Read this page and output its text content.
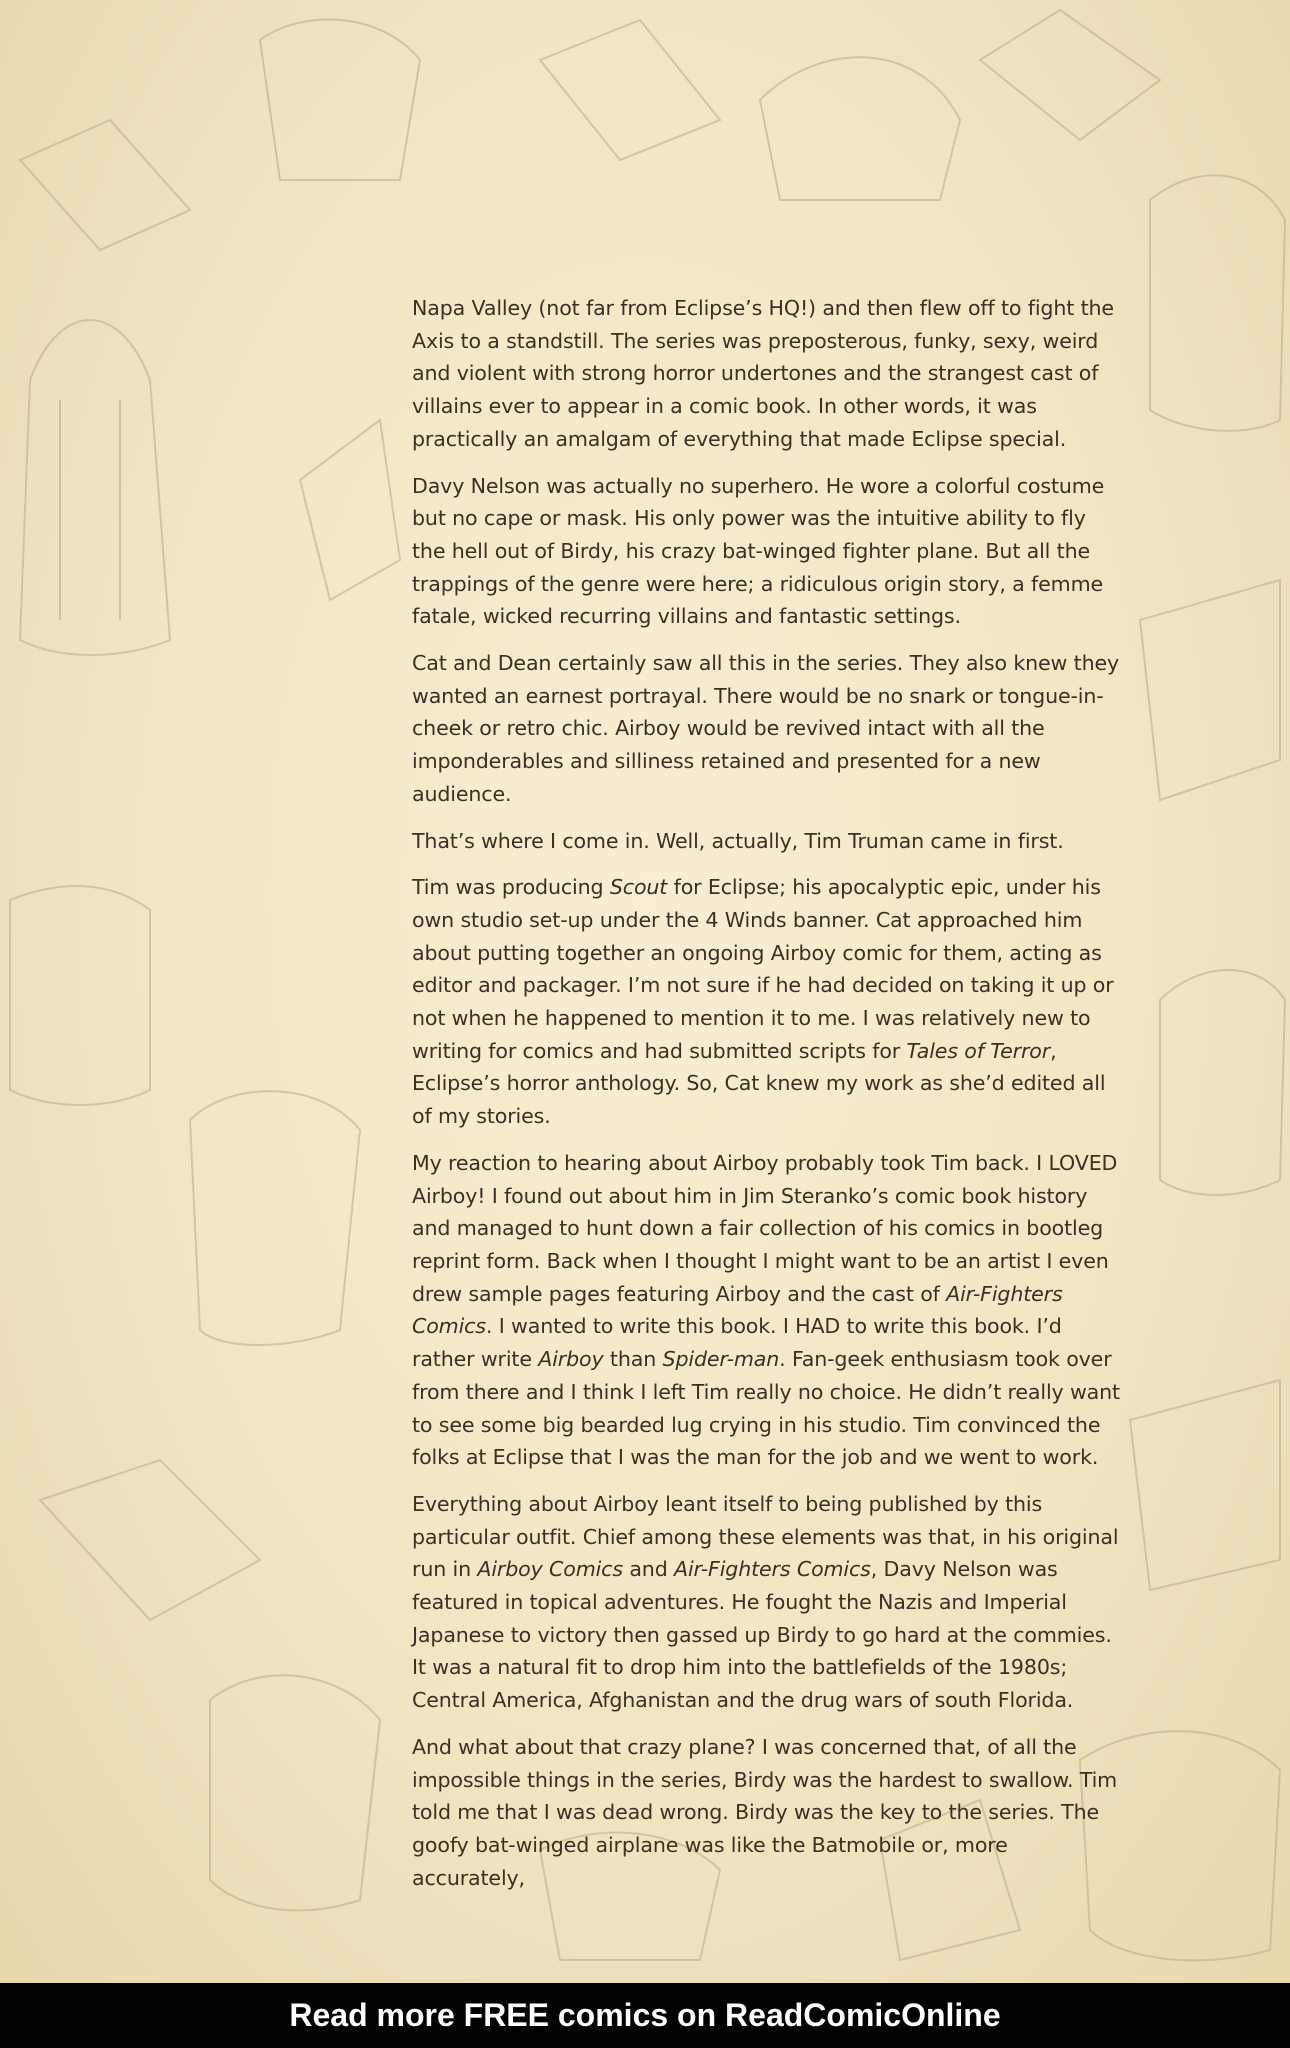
Napa Valley (not far from Eclipse’s HQ!) and then flew off to fight the Axis to a standstill. The series was preposterous, funky, sexy, weird and violent with strong horror undertones and the strangest cast of villains ever to appear in a comic book. In other words, it was practically an amalgam of everything that made Eclipse special.

Davy Nelson was actually no superhero. He wore a colorful costume but no cape or mask. His only power was the intuitive ability to fly the hell out of Birdy, his crazy bat-winged fighter plane. But all the trappings of the genre were here; a ridiculous origin story, a femme fatale, wicked recurring villains and fantastic settings.

Cat and Dean certainly saw all this in the series. They also knew they wanted an earnest portrayal. There would be no snark or tongue-in-cheek or retro chic. Airboy would be revived intact with all the imponderables and silliness retained and presented for a new audience.

That’s where I come in. Well, actually, Tim Truman came in first.

Tim was producing Scout for Eclipse; his apocalyptic epic, under his own studio set-up under the 4 Winds banner. Cat approached him about putting together an ongoing Airboy comic for them, acting as editor and packager. I’m not sure if he had decided on taking it up or not when he happened to mention it to me. I was relatively new to writing for comics and had submitted scripts for Tales of Terror, Eclipse’s horror anthology. So, Cat knew my work as she’d edited all of my stories.

My reaction to hearing about Airboy probably took Tim back. I LOVED Airboy! I found out about him in Jim Steranko’s comic book history and managed to hunt down a fair collection of his comics in bootleg reprint form. Back when I thought I might want to be an artist I even drew sample pages featuring Airboy and the cast of Air-Fighters Comics. I wanted to write this book. I HAD to write this book. I’d rather write Airboy than Spider-man. Fan-geek enthusiasm took over from there and I think I left Tim really no choice. He didn’t really want to see some big bearded lug crying in his studio. Tim convinced the folks at Eclipse that I was the man for the job and we went to work.

Everything about Airboy leant itself to being published by this particular outfit. Chief among these elements was that, in his original run in Airboy Comics and Air-Fighters Comics, Davy Nelson was featured in topical adventures. He fought the Nazis and Imperial Japanese to victory then gassed up Birdy to go hard at the commies. It was a natural fit to drop him into the battlefields of the 1980s; Central America, Afghanistan and the drug wars of south Florida.

And what about that crazy plane? I was concerned that, of all the impossible things in the series, Birdy was the hardest to swallow. Tim told me that I was dead wrong. Birdy was the key to the series. The goofy bat-winged airplane was like the Batmobile or, more accurately,

Read more FREE comics on ReadComicOnline
